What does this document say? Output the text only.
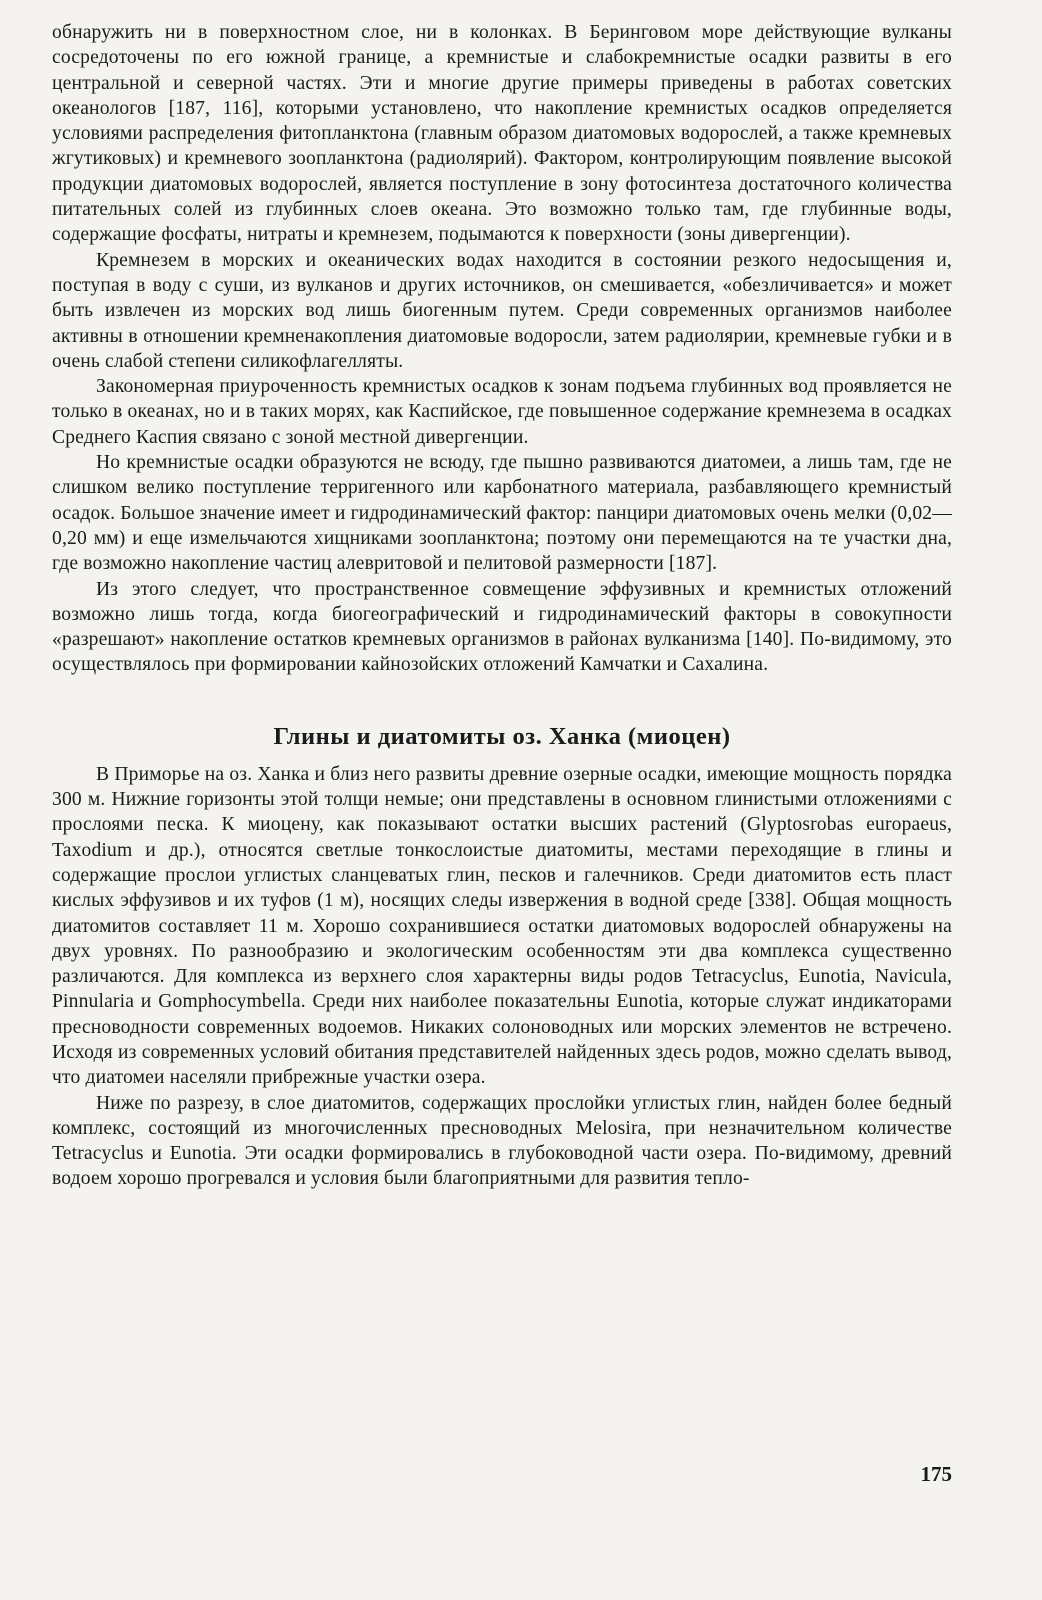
обнаружить ни в поверхностном слое, ни в колонках. В Беринговом море действующие вулканы сосредоточены по его южной границе, а кремнистые и слабокремнистые осадки развиты в его центральной и северной частях. Эти и многие другие примеры приведены в работах советских океанологов [187, 116], которыми установлено, что накопление кремнистых осадков определяется условиями распределения фитопланктона (главным образом диатомовых водорослей, а также кремневых жгутиковых) и кремневого зоопланктона (радиолярий). Фактором, контролирующим появление высокой продукции диатомовых водорослей, является поступление в зону фотосинтеза достаточного количества питательных солей из глубинных слоев океана. Это возможно только там, где глубинные воды, содержащие фосфаты, нитраты и кремнезем, подымаются к поверхности (зоны дивергенции).

Кремнезем в морских и океанических водах находится в состоянии резкого недосыщения и, поступая в воду с суши, из вулканов и других источников, он смешивается, «обезличивается» и может быть извлечен из морских вод лишь биогенным путем. Среди современных организмов наиболее активны в отношении кремненакопления диатомовые водоросли, затем радиолярии, кремневые губки и в очень слабой степени силикофлагелляты.

Закономерная приуроченность кремнистых осадков к зонам подъема глубинных вод проявляется не только в океанах, но и в таких морях, как Каспийское, где повышенное содержание кремнезема в осадках Среднего Каспия связано с зоной местной дивергенции.

Но кремнистые осадки образуются не всюду, где пышно развиваются диатомеи, а лишь там, где не слишком велико поступление терригенного или карбонатного материала, разбавляющего кремнистый осадок. Большое значение имеет и гидродинамический фактор: панцири диатомовых очень мелки (0,02—0,20 мм) и еще измельчаются хищниками зоопланктона; поэтому они перемещаются на те участки дна, где возможно накопление частиц алевритовой и пелитовой размерности [187].

Из этого следует, что пространственное совмещение эффузивных и кремнистых отложений возможно лишь тогда, когда биогеографический и гидродинамический факторы в совокупности «разрешают» накопление остатков кремневых организмов в районах вулканизма [140]. По-видимому, это осуществлялось при формировании кайнозойских отложений Камчатки и Сахалина.

Глины и диатомиты оз. Ханка (миоцен)

В Приморье на оз. Ханка и близ него развиты древние озерные осадки, имеющие мощность порядка 300 м. Нижние горизонты этой толщи немые; они представлены в основном глинистыми отложениями с прослоями песка. К миоцену, как показывают остатки высших растений (Glyptosrobas europaeus, Taxodium и др.), относятся светлые тонкослоистые диатомиты, местами переходящие в глины и содержащие прослои углистых сланцеватых глин, песков и галечников. Среди диатомитов есть пласт кислых эффузивов и их туфов (1 м), носящих следы извержения в водной среде [338]. Общая мощность диатомитов составляет 11 м. Хорошо сохранившиеся остатки диатомовых водорослей обнаружены на двух уровнях. По разнообразию и экологическим особенностям эти два комплекса существенно различаются. Для комплекса из верхнего слоя характерны виды родов Tetracyclus, Eunotia, Navicula, Pinnularia и Gomphocymbella. Среди них наиболее показательны Eunotia, которые служат индикаторами пресноводности современных водоемов. Никаких солоноводных или морских элементов не встречено. Исходя из современных условий обитания представителей найденных здесь родов, можно сделать вывод, что диатомеи населяли прибрежные участки озера.

Ниже по разрезу, в слое диатомитов, содержащих прослойки углистых глин, найден более бедный комплекс, состоящий из многочисленных пресноводных Melosira, при незначительном количестве Tetracyclus и Eunotia. Эти осадки формировались в глубоководной части озера. По-видимому, древний водоем хорошо прогревался и условия были благоприятными для развития тепло-

175
